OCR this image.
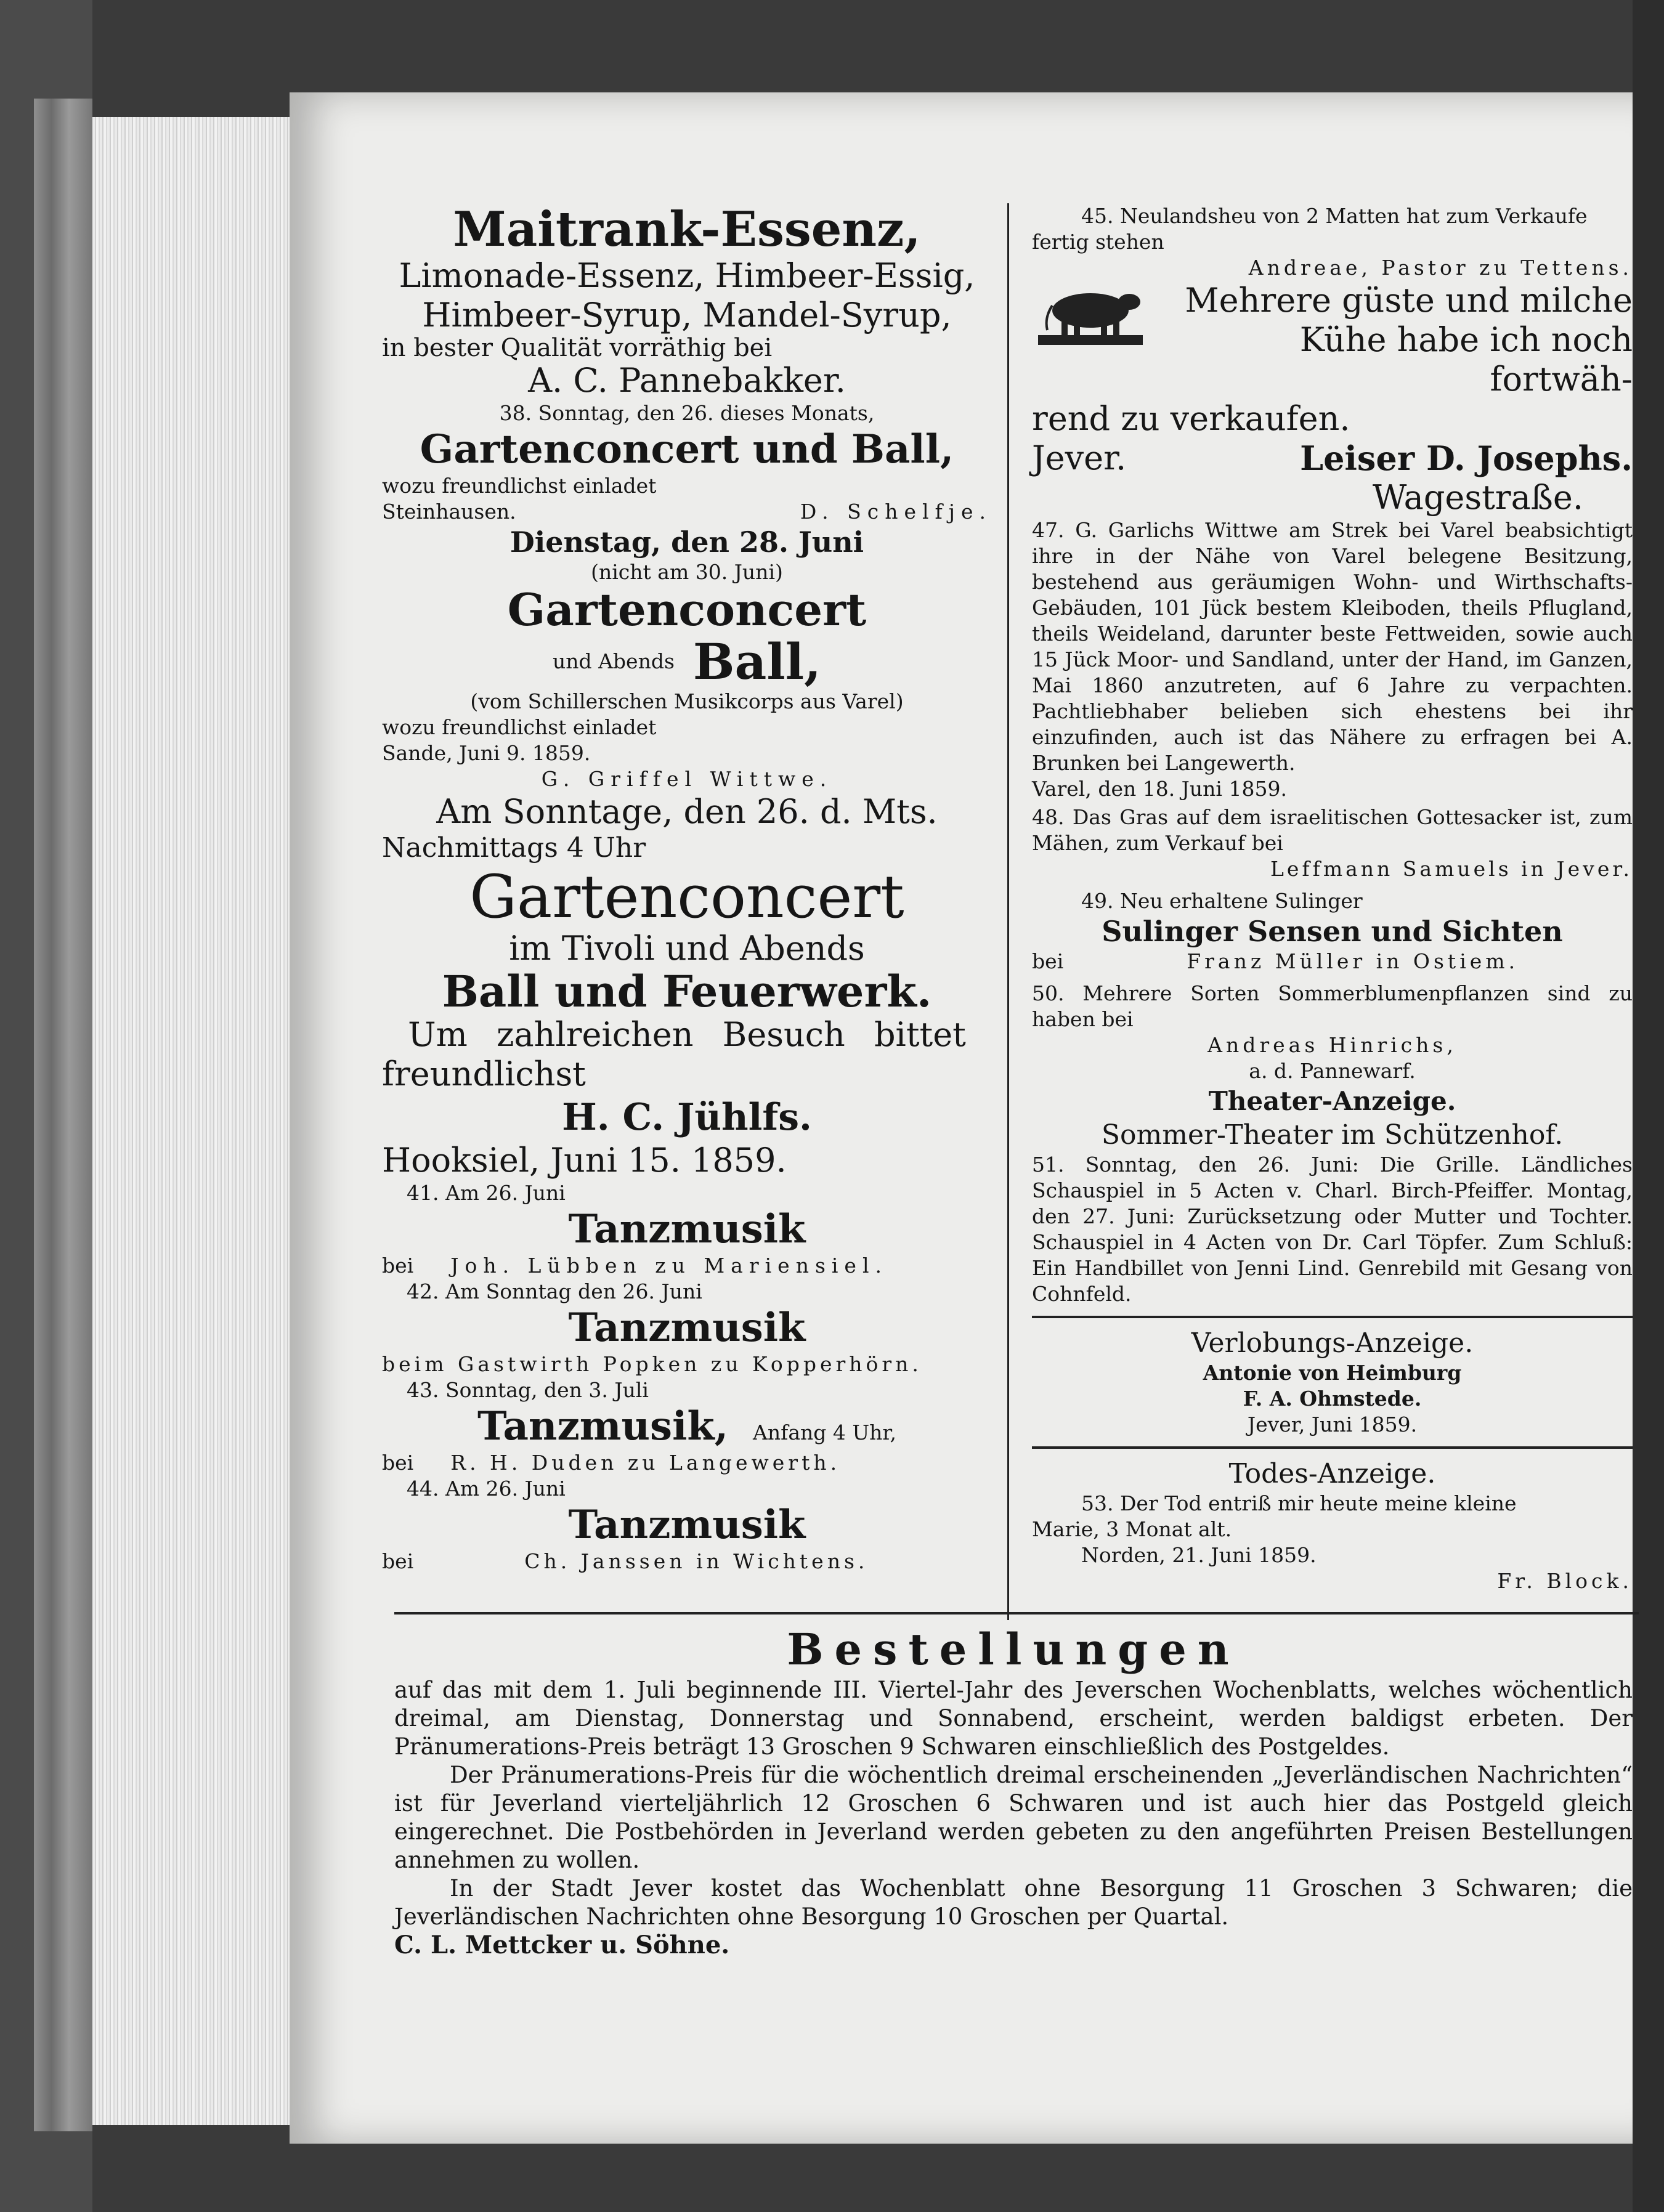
Maitrank-Essenz,

Limonade-Essenz, Himbeer-Essig,

Himbeer-Syrup, Mandel-Syrup,

in bester Qualität vorräthig bei

A. C. Pannebakker.

38. Sonntag, den 26. dieses Monats,

Gartenconcert und Ball,

wozu freundlichst einladet

Steinhausen.	D. Schelfje.

Dienstag, den 28. Juni

(nicht am 30. Juni)

Gartenconcert

und Abends Ball,

(vom Schillerschen Musikcorps aus Varel)

wozu freundlichst einladet

Sande, Juni 9. 1859.

G. Griffel Wittwe.

Am Sonntage, den 26. d. Mts.

Nachmittags 4 Uhr

Gartenconcert

im Tivoli und Abends

Ball und Feuerwerk.

Um zahlreichen Besuch bittet

freundlichst

H. C. Jühlfs.

Hooksiel, Juni 15. 1859.

41. Am 26. Juni

Tanzmusik

bei Joh. Lübben zu Mariensiel.

42. Am Sonntag den 26. Juni

Tanzmusik

beim Gastwirth Popken zu Kopperhörn.

43. Sonntag, den 3. Juli

Tanzmusik, Anfang 4 Uhr,

bei R. H. Duden zu Langewerth.

44. Am 26. Juni

Tanzmusik

bei	Ch. Janssen in Wichtens.

45. Neulandsheu von 2 Matten hat zum Verkaufe

fertig stehen

Andreae, Pastor zu Tettens.

Mehrere güste und milche

Kühe habe ich noch fortwäh-

rend zu verkaufen.

Jever.	Leiser D. Josephs.

Wagestraße.

47. G. Garlichs Wittwe am Strek bei Varel beabsichtigt ihre in der Nähe von Varel belegene Besitzung, bestehend aus geräumigen Wohn- und Wirthschafts-Gebäuden, 101 Jück bestem Kleiboden, theils Pflugland, theils Weideland, darunter beste Fettweiden, sowie auch 15 Jück Moor- und Sandland, unter der Hand, im Ganzen, Mai 1860 anzutreten, auf 6 Jahre zu verpachten. Pachtliebhaber belieben sich ehestens bei ihr einzufinden, auch ist das Nähere zu erfragen bei A. Brunken bei Langewerth.

Varel, den 18. Juni 1859.

48. Das Gras auf dem israelitischen Gottesacker ist, zum Mähen, zum Verkauf bei

Leffmann Samuels in Jever.

49. Neu erhaltene Sulinger

Sulinger Sensen und Sichten

bei	Franz Müller in Ostiem.

50. Mehrere Sorten Sommerblumenpflanzen sind zu haben bei

Andreas Hinrichs,

a. d. Pannewarf.

Theater-Anzeige.

Sommer-Theater im Schützenhof.

51. Sonntag, den 26. Juni: Die Grille. Ländliches Schauspiel in 5 Acten v. Charl. Birch-Pfeiffer. Montag, den 27. Juni: Zurücksetzung oder Mutter und Tochter. Schauspiel in 4 Acten von Dr. Carl Töpfer. Zum Schluß: Ein Handbillet von Jenni Lind. Genrebild mit Gesang von Cohnfeld.

Verlobungs-Anzeige.

Antonie von Heimburg

F. A. Ohmstede.

Jever, Juni 1859.

Todes-Anzeige.

53. Der Tod entriß mir heute meine kleine

Marie, 3 Monat alt.

Norden, 21. Juni 1859.

Fr. Block.

Bestellungen

auf das mit dem 1. Juli beginnende III. Viertel-Jahr des Jeverschen Wochenblatts, welches wöchentlich dreimal, am Dienstag, Donnerstag und Sonnabend, erscheint, werden baldigst erbeten. Der Pränumerations-Preis beträgt 13 Groschen 9 Schwaren einschließlich des Postgeldes.

Der Pränumerations-Preis für die wöchentlich dreimal erscheinenden „Jeverländischen Nachrichten“ ist für Jeverland vierteljährlich 12 Groschen 6 Schwaren und ist auch hier das Postgeld gleich eingerechnet. Die Postbehörden in Jeverland werden gebeten zu den angeführten Preisen Bestellungen annehmen zu wollen.

In der Stadt Jever kostet das Wochenblatt ohne Besorgung 11 Groschen 3 Schwaren; die Jeverländischen Nachrichten ohne Besorgung 10 Groschen per Quartal.

C. L. Mettcker u. Söhne.
